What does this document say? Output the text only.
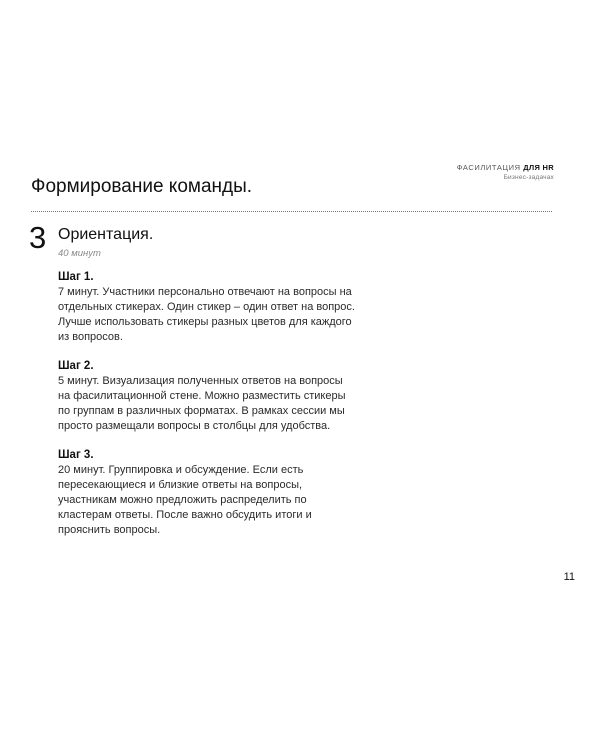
ФАСИЛИТАЦИЯ ДЛЯ HR
Бизнес-задачах
Формирование команды.
3 Ориентация.
40 минут

Шаг 1.

7 минут. Участники персонально отвечают на вопросы на
отдельных стикерах. Один стикер – один ответ на вопрос.
Лучше использовать стикеры разных цветов для каждого
из вопросов.

Шаг 2.

5 минут. Визуализация полученных ответов на вопросы
на фасилитационной стене. Можно разместить стикеры
по группам в различных форматах. В рамках сессии мы
просто размещали вопросы в столбцы для удобства.

Шаг 3.

20 минут. Группировка и обсуждение. Если есть
пересекающиеся и близкие ответы на вопросы,
участникам можно предложить распределить по
кластерам ответы. После важно обсудить итоги и
прояснить вопросы.

11
